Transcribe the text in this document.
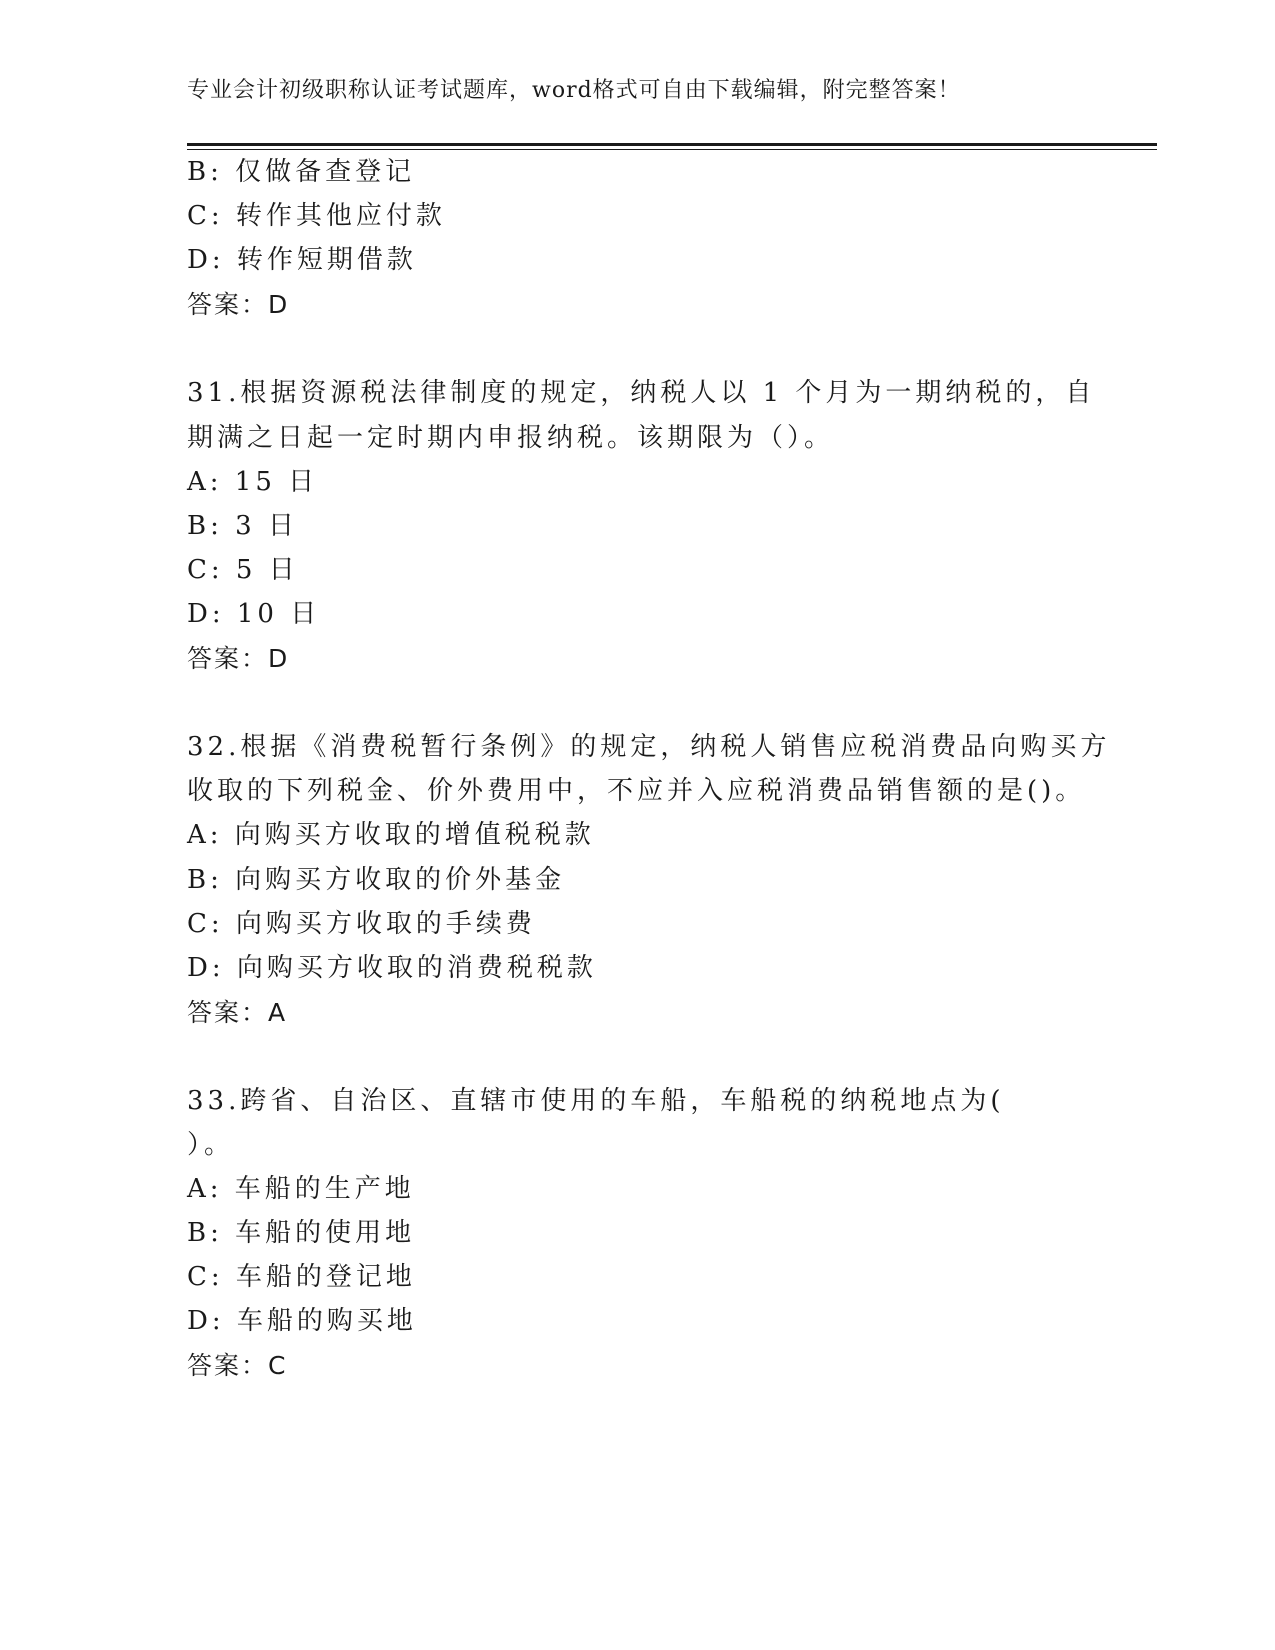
专业会计初级职称认证考试题库，word格式可自由下载编辑，附完整答案！
B: 仅做备查登记
C: 转作其他应付款
D: 转作短期借款
答案：D
31.根据资源税法律制度的规定，纳税人以 1 个月为一期纳税的，自
期满之日起一定时期内申报纳税。该期限为（）。
A: 15 日
B: 3 日
C: 5 日
D: 10 日
答案：D
32.根据《消费税暂行条例》的规定，纳税人销售应税消费品向购买方
收取的下列税金、价外费用中，不应并入应税消费品销售额的是()。
A: 向购买方收取的增值税税款
B: 向购买方收取的价外基金
C: 向购买方收取的手续费
D: 向购买方收取的消费税税款
答案：A
33.跨省、自治区、直辖市使用的车船，车船税的纳税地点为(
）。
A: 车船的生产地
B: 车船的使用地
C: 车船的登记地
D: 车船的购买地
答案：C
